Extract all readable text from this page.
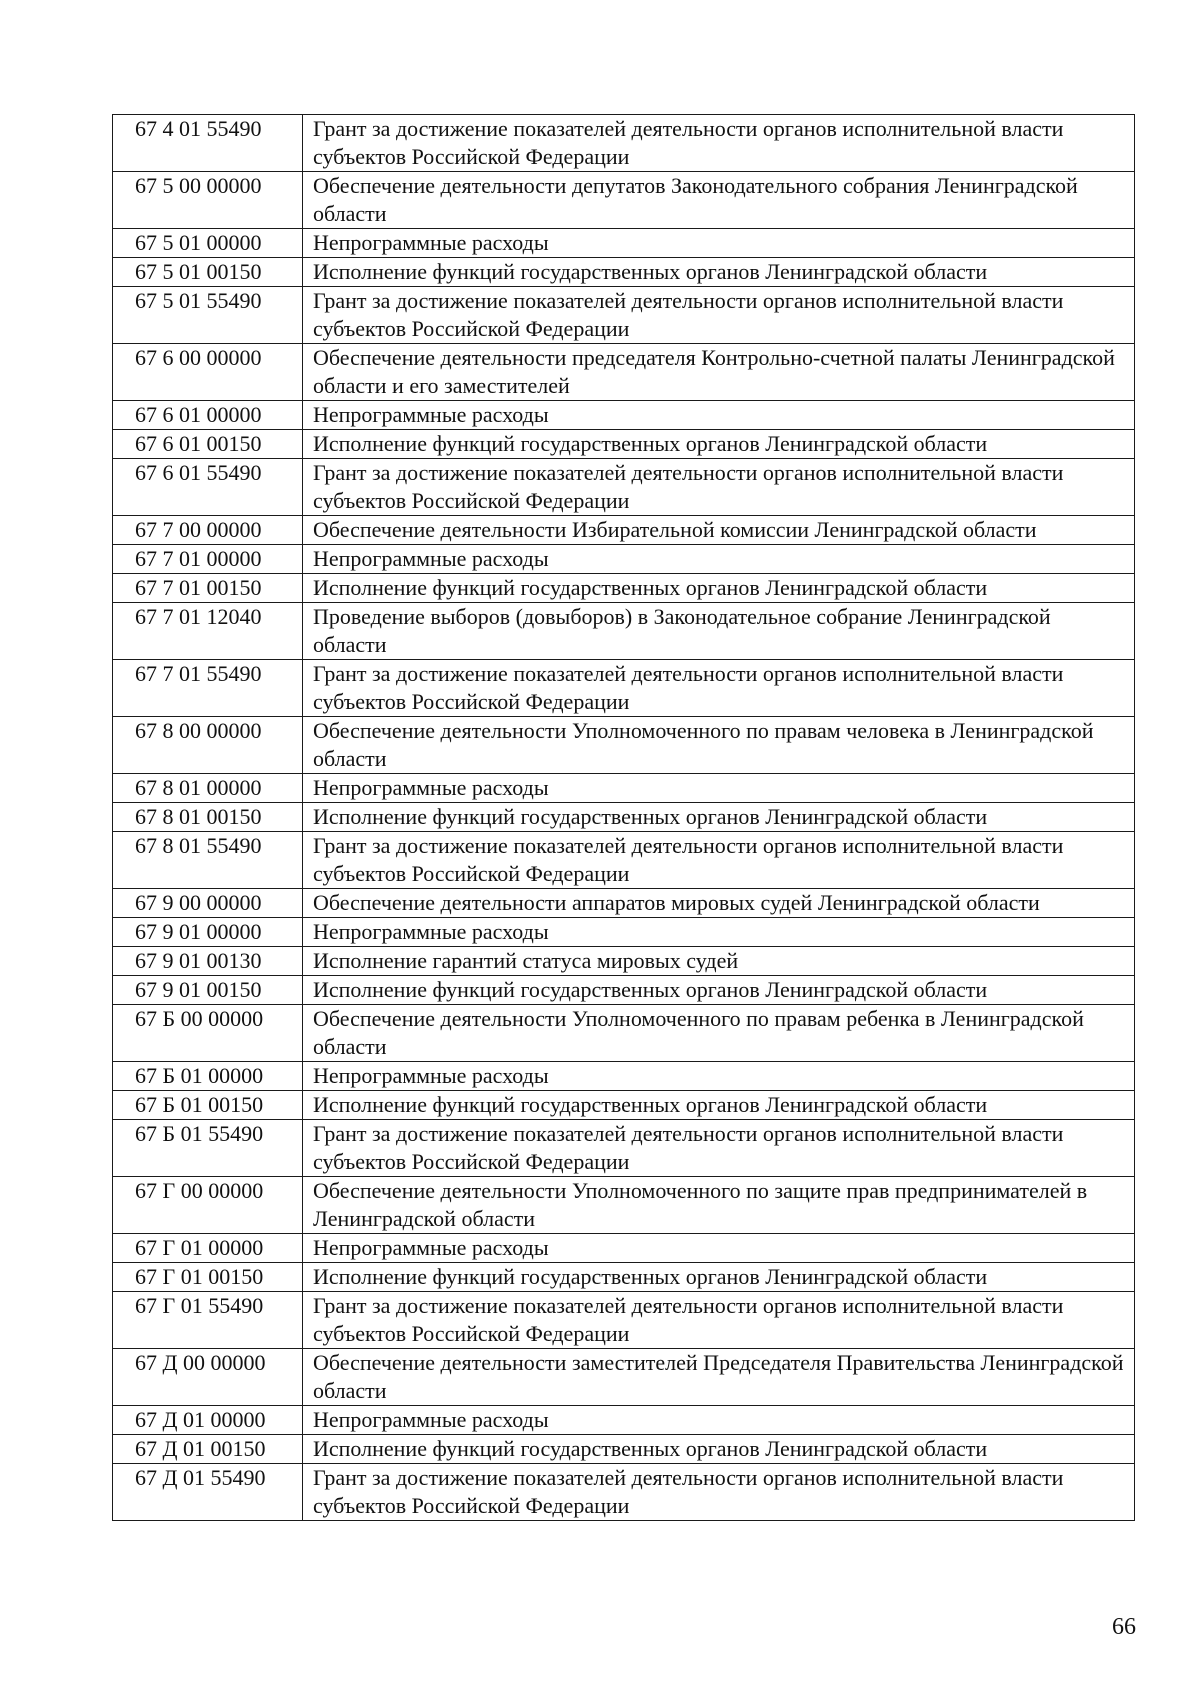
67 4 01 55490	Грант за достижение показателей деятельности органов исполнительной власти субъектов Российской Федерации
67 5 00 00000	Обеспечение деятельности депутатов Законодательного собрания Ленинградской области
67 5 01 00000	Непрограммные расходы
67 5 01 00150	Исполнение функций государственных органов Ленинградской области
67 5 01 55490	Грант за достижение показателей деятельности органов исполнительной власти субъектов Российской Федерации
67 6 00 00000	Обеспечение деятельности председателя Контрольно-счетной палаты Ленинградской области и его заместителей
67 6 01 00000	Непрограммные расходы
67 6 01 00150	Исполнение функций государственных органов Ленинградской области
67 6 01 55490	Грант за достижение показателей деятельности органов исполнительной власти субъектов Российской Федерации
67 7 00 00000	Обеспечение деятельности Избирательной комиссии Ленинградской области
67 7 01 00000	Непрограммные расходы
67 7 01 00150	Исполнение функций государственных органов Ленинградской области
67 7 01 12040	Проведение выборов (довыборов) в Законодательное собрание Ленинградской области
67 7 01 55490	Грант за достижение показателей деятельности органов исполнительной власти субъектов Российской Федерации
67 8 00 00000	Обеспечение деятельности Уполномоченного по правам человека в Ленинградской области
67 8 01 00000	Непрограммные расходы
67 8 01 00150	Исполнение функций государственных органов Ленинградской области
67 8 01 55490	Грант за достижение показателей деятельности органов исполнительной власти субъектов Российской Федерации
67 9 00 00000	Обеспечение деятельности аппаратов мировых судей Ленинградской области
67 9 01 00000	Непрограммные расходы
67 9 01 00130	Исполнение гарантий статуса мировых судей
67 9 01 00150	Исполнение функций государственных органов Ленинградской области
67 Б 00 00000	Обеспечение деятельности Уполномоченного по правам ребенка в Ленинградской области
67 Б 01 00000	Непрограммные расходы
67 Б 01 00150	Исполнение функций государственных органов Ленинградской области
67 Б 01 55490	Грант за достижение показателей деятельности органов исполнительной власти субъектов Российской Федерации
67 Г 00 00000	Обеспечение деятельности Уполномоченного по защите прав предпринимателей в Ленинградской области
67 Г 01 00000	Непрограммные расходы
67 Г 01 00150	Исполнение функций государственных органов Ленинградской области
67 Г 01 55490	Грант за достижение показателей деятельности органов исполнительной власти субъектов Российской Федерации
67 Д 00 00000	Обеспечение деятельности заместителей Председателя Правительства Ленинградской области
67 Д 01 00000	Непрограммные расходы
67 Д 01 00150	Исполнение функций государственных органов Ленинградской области
67 Д 01 55490	Грант за достижение показателей деятельности органов исполнительной власти субъектов Российской Федерации
66
